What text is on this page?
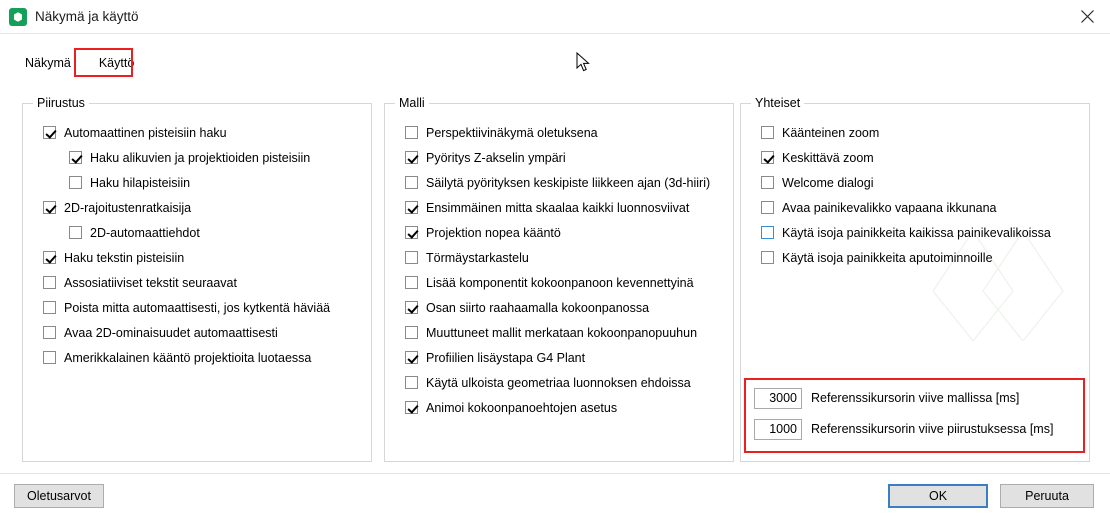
Näkymä ja käyttö
Näkymä	Käyttö
Piirustus
Automaattinen pisteisiin haku
Haku alikuvien ja projektioiden pisteisiin
Haku hilapisteisiin
2D-rajoitustenratkaisija
2D-automaattiehdot
Haku tekstin pisteisiin
Assosiatiiviset tekstit seuraavat
Poista mitta automaattisesti, jos kytkentä häviää
Avaa 2D-ominaisuudet automaattisesti
Amerikkalainen kääntö projektioita luotaessa
Malli
Perspektiivinäkymä oletuksena
Pyöritys Z-akselin ympäri
Säilytä pyörityksen keskipiste liikkeen ajan (3d-hiiri)
Ensimmäinen mitta skaalaa kaikki luonnosviivat
Projektion nopea kääntö
Törmäystarkastelu
Lisää komponentit kokoonpanoon kevennettyinä
Osan siirto raahaamalla kokoonpanossa
Muuttuneet mallit merkataan kokoonpanopuuhun
Profiilien lisäystapa G4 Plant
Käytä ulkoista geometriaa luonnoksen ehdoissa
Animoi kokoonpanoehtojen asetus
Yhteiset
Käänteinen zoom
Keskittävä zoom
Welcome dialogi
Avaa painikevalikko vapaana ikkunana
Käytä isoja painikkeita kaikissa painikevalikoissa
Käytä isoja painikkeita aputoiminnoille
3000
Referenssikursorin viive mallissa [ms]
1000
Referenssikursorin viive piirustuksessa [ms]
Oletusarvot	OK	Peruuta
